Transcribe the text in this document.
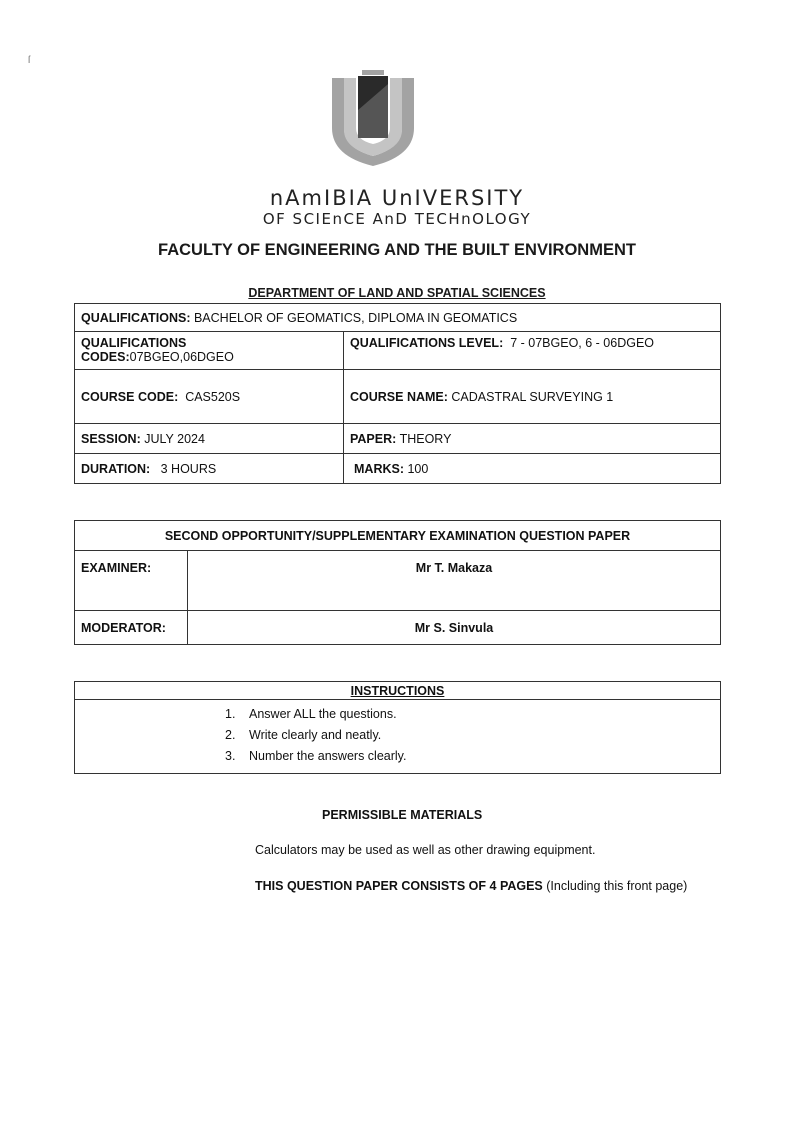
ſ
nAmIBIA UnIVERSITY
OF SCIEnCE AnD TECHnOLOGY
FACULTY OF ENGINEERING AND THE BUILT ENVIRONMENT
DEPARTMENT OF LAND AND SPATIAL SCIENCES
QUALIFICATIONS: BACHELOR OF GEOMATICS, DIPLOMA IN GEOMATICS	
QUALIFICATIONS CODES:07BGEO,06DGEO	QUALIFICATIONS LEVEL: 7 - 07BGEO, 6 - 06DGEO
COURSE CODE: CAS520S	COURSE NAME: CADASTRAL SURVEYING 1
SESSION: JULY 2024	PAPER: THEORY
DURATION: 3 HOURS	MARKS: 100
SECOND OPPORTUNITY/SUPPLEMENTARY EXAMINATION QUESTION PAPER	
EXAMINER:	Mr T. Makaza
MODERATOR:	Mr S. Sinvula
INSTRUCTIONS

1. Answer ALL the questions.
2. Write clearly and neatly.
3. Number the answers clearly.
PERMISSIBLE MATERIALS
Calculators may be used as well as other drawing equipment.
THIS QUESTION PAPER CONSISTS OF 4 PAGES (Including this front page)
